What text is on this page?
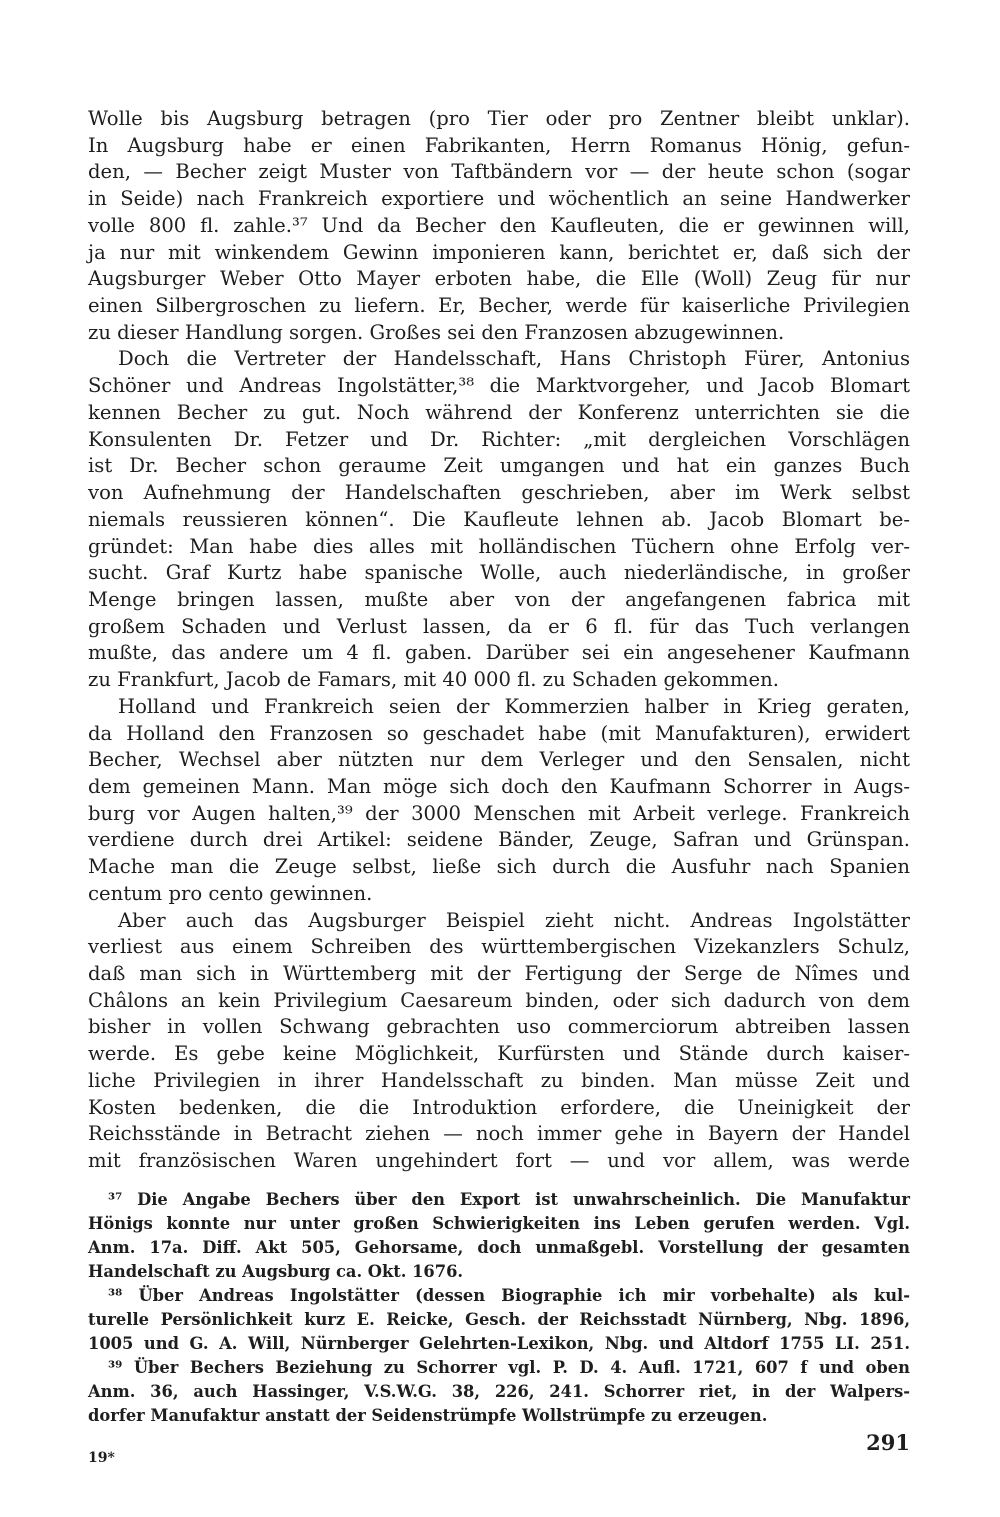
Wolle bis Augsburg betragen (pro Tier oder pro Zentner bleibt unklar).
In Augsburg habe er einen Fabrikanten, Herrn Romanus Hönig, gefun-
den, — Becher zeigt Muster von Taftbändern vor — der heute schon (sogar
in Seide) nach Frankreich exportiere und wöchentlich an seine Handwerker
volle 800 fl. zahle.³⁷ Und da Becher den Kaufleuten, die er gewinnen will,
ja nur mit winkendem Gewinn imponieren kann, berichtet er, daß sich der
Augsburger Weber Otto Mayer erboten habe, die Elle (Woll) Zeug für nur
einen Silbergroschen zu liefern. Er, Becher, werde für kaiserliche Privilegien
zu dieser Handlung sorgen. Großes sei den Franzosen abzugewinnen.
Doch die Vertreter der Handelsschaft, Hans Christoph Fürer, Antonius
Schöner und Andreas Ingolstätter,³⁸ die Marktvorgeher, und Jacob Blomart
kennen Becher zu gut. Noch während der Konferenz unterrichten sie die
Konsulenten Dr. Fetzer und Dr. Richter: „mit dergleichen Vorschlägen
ist Dr. Becher schon geraume Zeit umgangen und hat ein ganzes Buch
von Aufnehmung der Handelschaften geschrieben, aber im Werk selbst
niemals reussieren können“. Die Kaufleute lehnen ab. Jacob Blomart be-
gründet: Man habe dies alles mit holländischen Tüchern ohne Erfolg ver-
sucht. Graf Kurtz habe spanische Wolle, auch niederländische, in großer
Menge bringen lassen, mußte aber von der angefangenen fabrica mit
großem Schaden und Verlust lassen, da er 6 fl. für das Tuch verlangen
mußte, das andere um 4 fl. gaben. Darüber sei ein angesehener Kaufmann
zu Frankfurt, Jacob de Famars, mit 40 000 fl. zu Schaden gekommen.
Holland und Frankreich seien der Kommerzien halber in Krieg geraten,
da Holland den Franzosen so geschadet habe (mit Manufakturen), erwidert
Becher, Wechsel aber nützten nur dem Verleger und den Sensalen, nicht
dem gemeinen Mann. Man möge sich doch den Kaufmann Schorrer in Augs-
burg vor Augen halten,³⁹ der 3000 Menschen mit Arbeit verlege. Frankreich
verdiene durch drei Artikel: seidene Bänder, Zeuge, Safran und Grünspan.
Mache man die Zeuge selbst, ließe sich durch die Ausfuhr nach Spanien
centum pro cento gewinnen.
Aber auch das Augsburger Beispiel zieht nicht. Andreas Ingolstätter
verliest aus einem Schreiben des württembergischen Vizekanzlers Schulz,
daß man sich in Württemberg mit der Fertigung der Serge de Nîmes und
Châlons an kein Privilegium Caesareum binden, oder sich dadurch von dem
bisher in vollen Schwang gebrachten uso commerciorum abtreiben lassen
werde. Es gebe keine Möglichkeit, Kurfürsten und Stände durch kaiser-
liche Privilegien in ihrer Handelsschaft zu binden. Man müsse Zeit und
Kosten bedenken, die die Introduktion erfordere, die Uneinigkeit der
Reichsstände in Betracht ziehen — noch immer gehe in Bayern der Handel
mit französischen Waren ungehindert fort — und vor allem, was werde
³⁷ Die Angabe Bechers über den Export ist unwahrscheinlich. Die Manufaktur
Hönigs konnte nur unter großen Schwierigkeiten ins Leben gerufen werden. Vgl.
Anm. 17a. Diff. Akt 505, Gehorsame, doch unmaßgebl. Vorstellung der gesamten
Handelschaft zu Augsburg ca. Okt. 1676.
³⁸ Über Andreas Ingolstätter (dessen Biographie ich mir vorbehalte) als kul-
turelle Persönlichkeit kurz E. Reicke, Gesch. der Reichsstadt Nürnberg, Nbg. 1896,
1005 und G. A. Will, Nürnberger Gelehrten-Lexikon, Nbg. und Altdorf 1755 LI. 251.
³⁹ Über Bechers Beziehung zu Schorrer vgl. P. D. 4. Aufl. 1721, 607 f und oben
Anm. 36, auch Hassinger, V.S.W.G. 38, 226, 241. Schorrer riet, in der Walpers-
dorfer Manufaktur anstatt der Seidenstrümpfe Wollstrümpfe zu erzeugen.
291
19*
